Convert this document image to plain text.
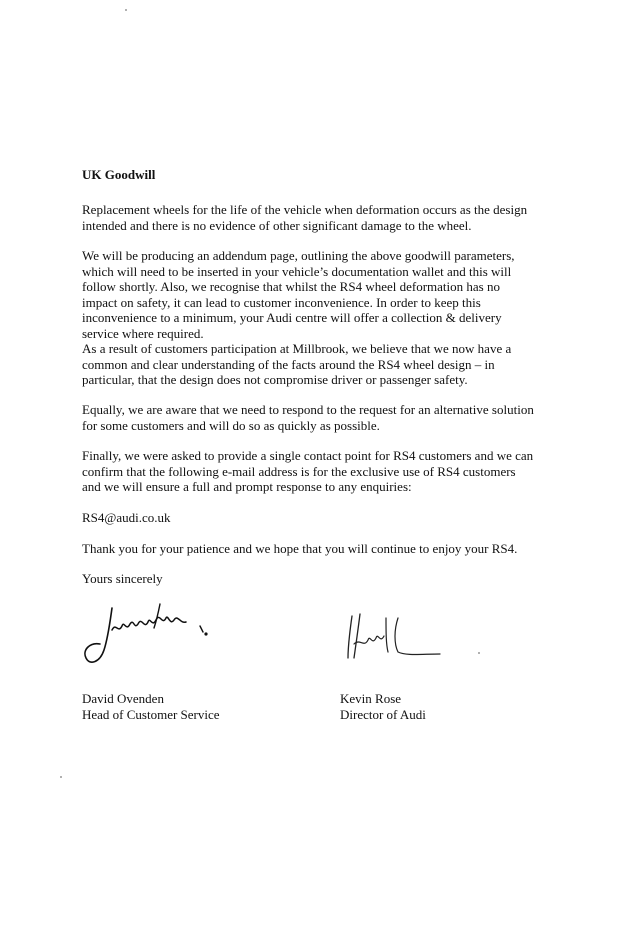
UK Goodwill

Replacement wheels for the life of the vehicle when deformation occurs as the design
intended and there is no evidence of other significant damage to the wheel.

We will be producing an addendum page, outlining the above goodwill parameters,
which will need to be inserted in your vehicle’s documentation wallet and this will
follow shortly. Also, we recognise that whilst the RS4 wheel deformation has no
impact on safety, it can lead to customer inconvenience. In order to keep this
inconvenience to a minimum, your Audi centre will offer a collection & delivery
service where required.
As a result of customers participation at Millbrook, we believe that we now have a
common and clear understanding of the facts around the RS4 wheel design – in
particular, that the design does not compromise driver or passenger safety.

Equally, we are aware that we need to respond to the request for an alternative solution
for some customers and will do so as quickly as possible.

Finally, we were asked to provide a single contact point for RS4 customers and we can
confirm that the following e-mail address is for the exclusive use of RS4 customers
and we will ensure a full and prompt response to any enquiries:

RS4@audi.co.uk

Thank you for your patience and we hope that you will continue to enjoy your RS4.

Yours sincerely

David Ovenden
Head of Customer Service
Kevin Rose
Director of Audi
